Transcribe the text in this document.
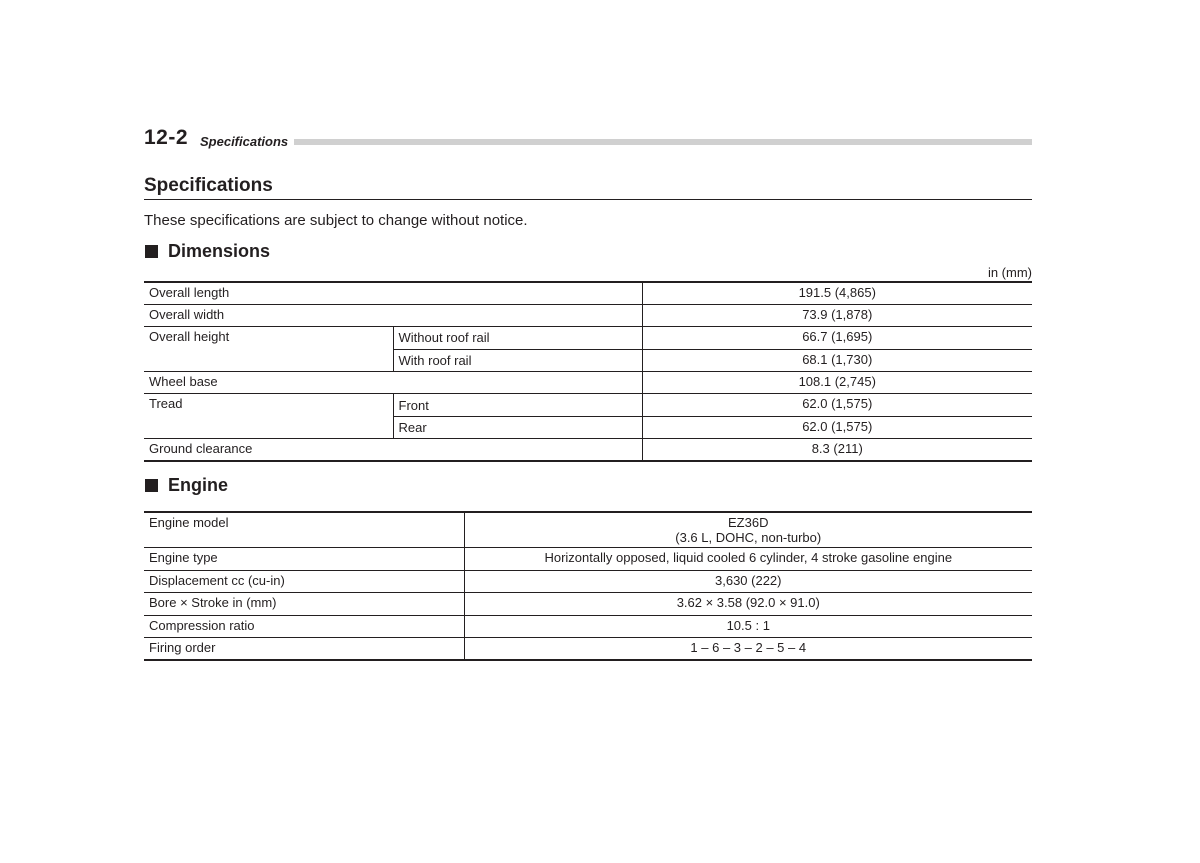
12-2 Specifications
Specifications
These specifications are subject to change without notice.
Dimensions
in (mm)
Overall length		191.5 (4,865)
Overall width		73.9 (1,878)
Overall height	Without roof rail	66.7 (1,695)
	With roof rail	68.1 (1,730)
Wheel base		108.1 (2,745)
Tread	Front	62.0 (1,575)
	Rear	62.0 (1,575)
Ground clearance		8.3 (211)
Engine
Engine model	EZ36D
(3.6 L, DOHC, non-turbo)

Engine type	Horizontally opposed, liquid cooled 6 cylinder, 4 stroke gasoline engine
Displacement cc (cu-in)	3,630 (222)
Bore × Stroke in (mm)	3.62 × 3.58 (92.0 × 91.0)
Compression ratio	10.5 : 1
Firing order	1 – 6 – 3 – 2 – 5 – 4
